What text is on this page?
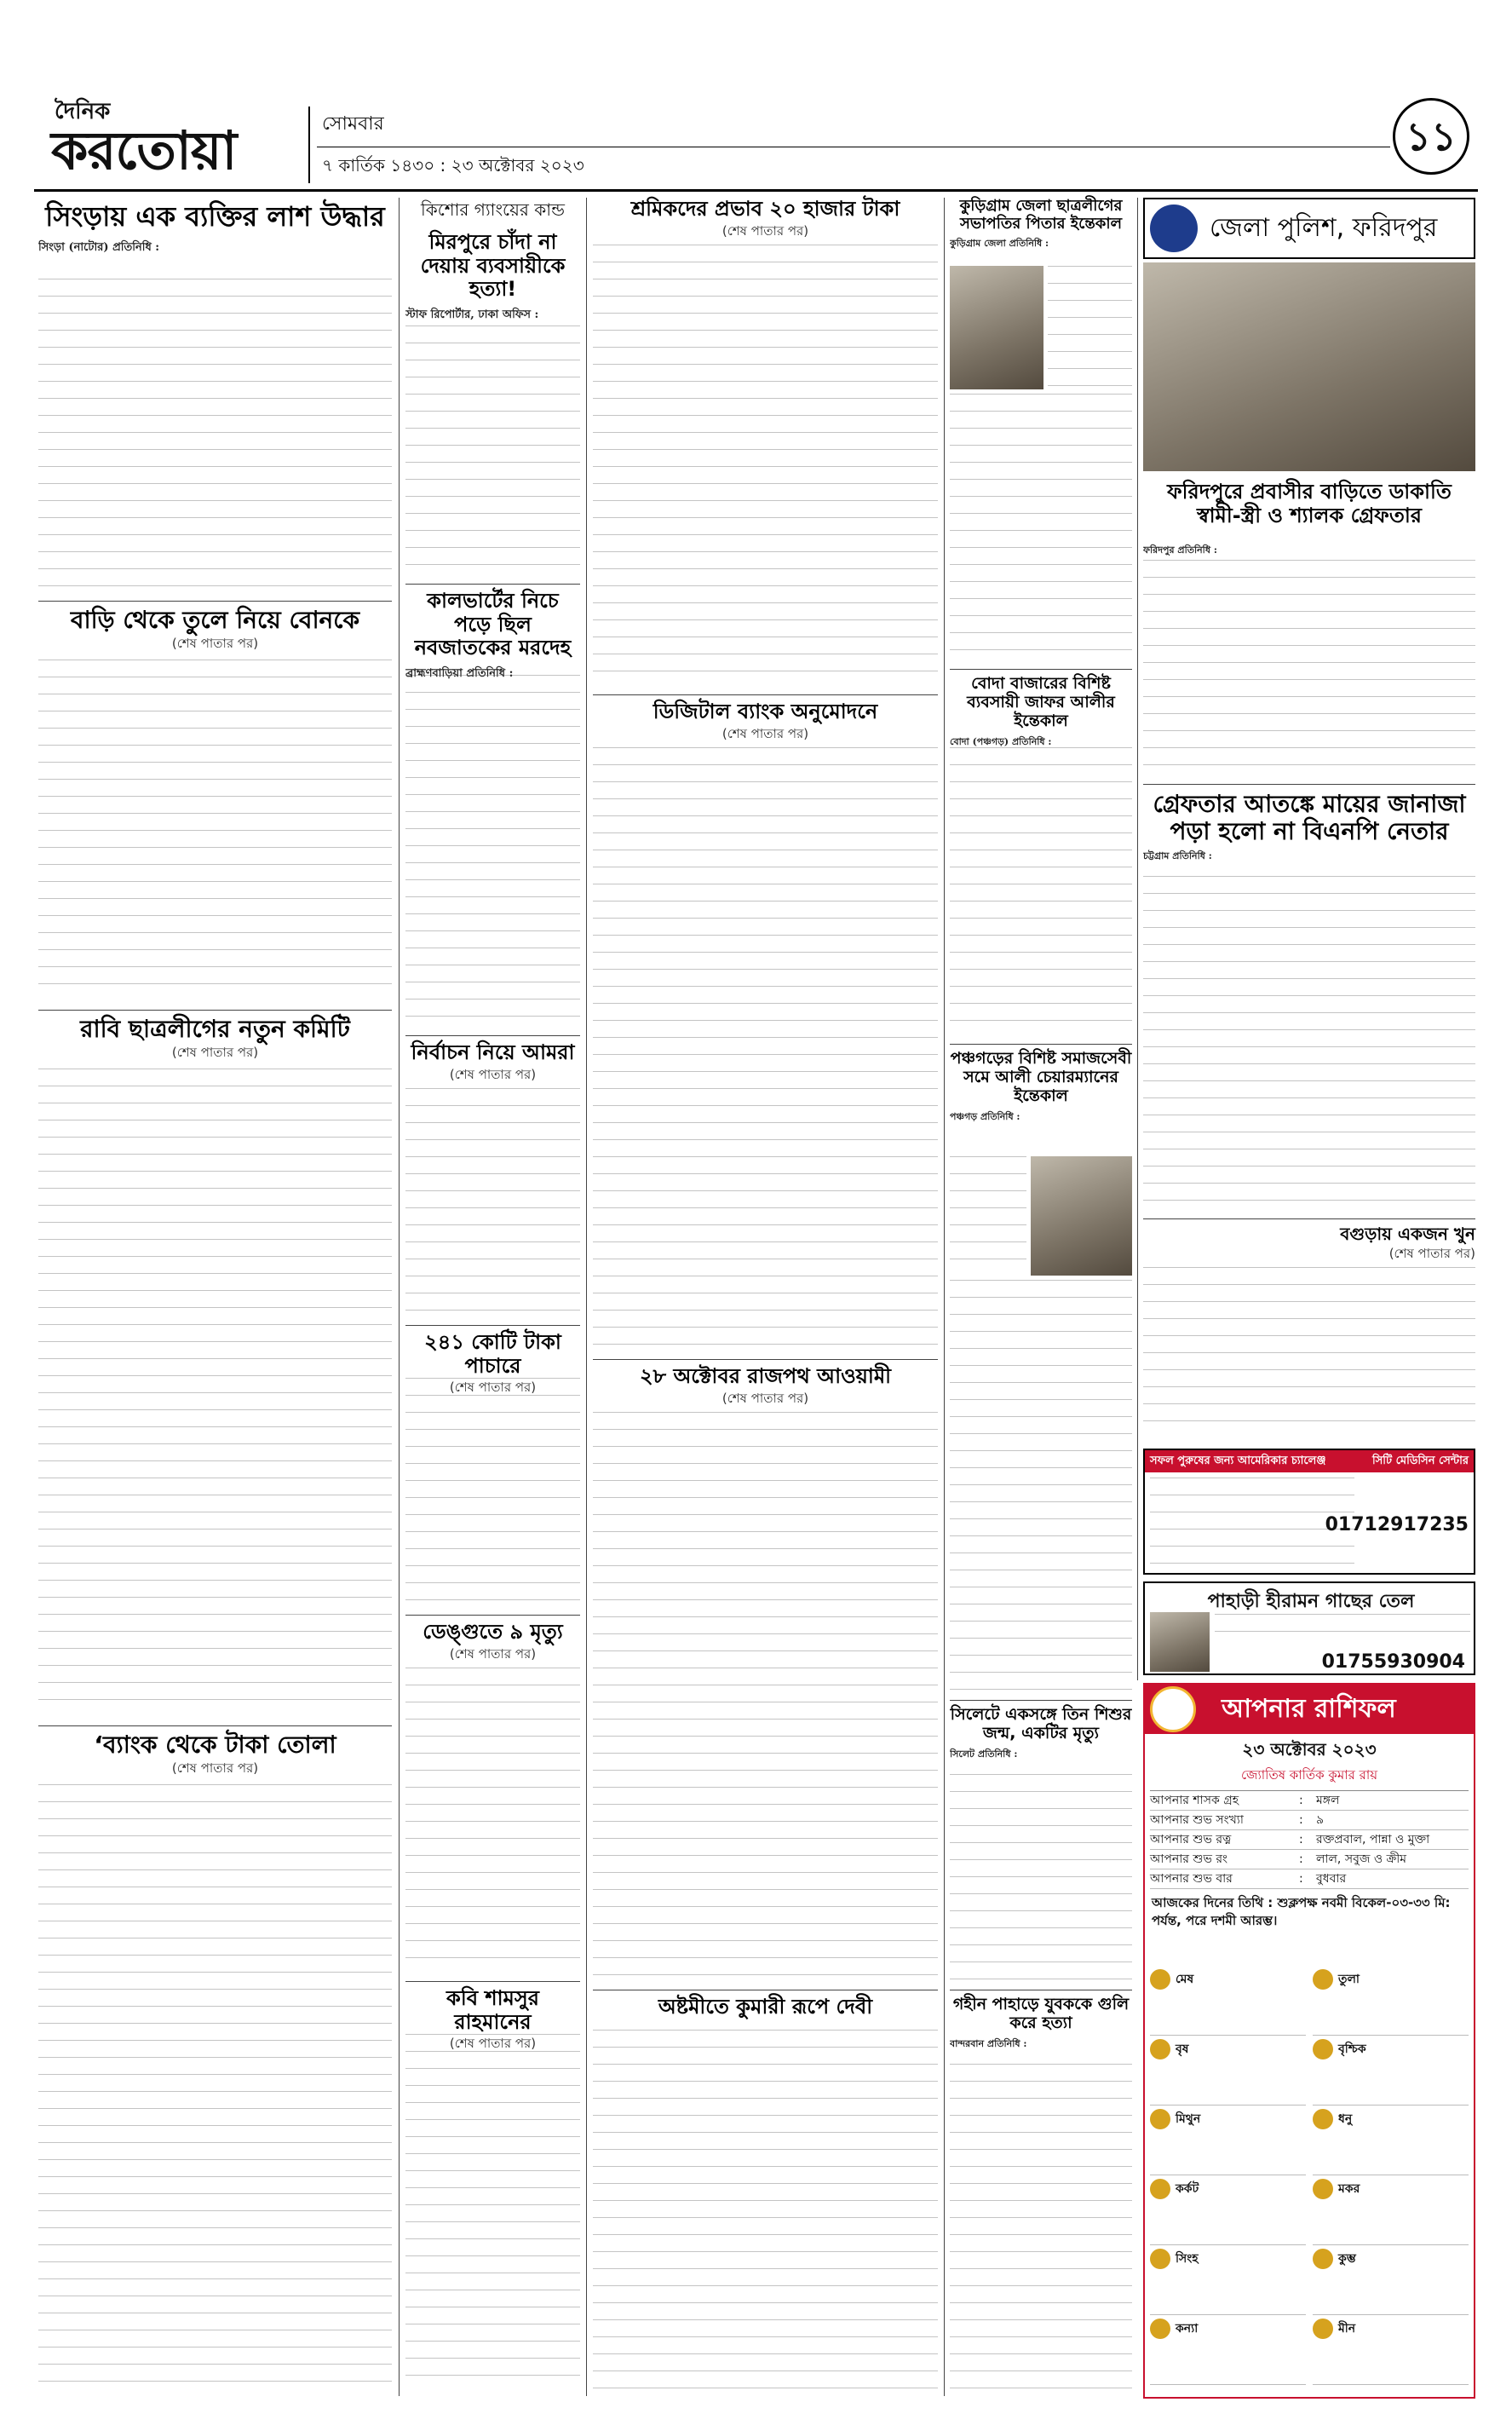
দৈনিক
করতোয়া	সোমবার
৭ কার্তিক ১৪৩০ : ২৩ অক্টোবর ২০২৩
১১
সিংড়ায় এক ব্যক্তির লাশ উদ্ধার
সিংড়া (নাটোর) প্রতিনিধি :
বাড়ি থেকে তুলে নিয়ে বোনকে
(শেষ পাতার পর)
রাবি ছাত্রলীগের নতুন কমিটি
(শেষ পাতার পর)
‘ব্যাংক থেকে টাকা তোলা
(শেষ পাতার পর)
কিশোর গ্যাংয়ের কান্ড
মিরপুরে চাঁদা না দেয়ায় ব্যবসায়ীকে হত্যা!
স্টাফ রিপোর্টার, ঢাকা অফিস :
কালভার্টের নিচে পড়ে ছিল নবজাতকের মরদেহ
ব্রাহ্মণবাড়িয়া প্রতিনিধি :
নির্বাচন নিয়ে আমরা
(শেষ পাতার পর)
২৪১ কোটি টাকা পাচারে
(শেষ পাতার পর)
ডেঙ্গুতে ৯ মৃত্যু
(শেষ পাতার পর)
কবি শামসুর রাহমানের
(শেষ পাতার পর)
শ্রমিকদের প্রভাব ২০ হাজার টাকা
(শেষ পাতার পর)
ডিজিটাল ব্যাংক অনুমোদনে
(শেষ পাতার পর)
২৮ অক্টোবর রাজপথ আওয়ামী
(শেষ পাতার পর)
অষ্টমীতে কুমারী রূপে দেবী
কুড়িগ্রাম জেলা ছাত্রলীগের সভাপতির পিতার ইন্তেকাল
কুড়িগ্রাম জেলা প্রতিনিধি :
বোদা বাজারের বিশিষ্ট ব্যবসায়ী জাফর আলীর ইন্তেকাল
বোদা (পঞ্চগড়) প্রতিনিধি :
পঞ্চগড়ের বিশিষ্ট সমাজসেবী সমে আলী চেয়ারম্যানের ইন্তেকাল
পঞ্চগড় প্রতিনিধি :
সিলেটে একসঙ্গে তিন শিশুর জন্ম, একটির মৃত্যু
সিলেট প্রতিনিধি :
গহীন পাহাড়ে যুবককে গুলি করে হত্যা
বান্দরবান প্রতিনিধি :
জেলা পুলিশ, ফরিদপুর
ফরিদপুরে প্রবাসীর বাড়িতে ডাকাতি স্বামী-স্ত্রী ও শ্যালক গ্রেফতার
ফরিদপুর প্রতিনিধি :
গ্রেফতার আতঙ্কে মায়ের জানাজা পড়া হলো না বিএনপি নেতার
চট্টগ্রাম প্রতিনিধি :
বগুড়ায় একজন খুন
(শেষ পাতার পর)
সফল পুরুষের জন্য আমেরিকার চ্যালেঞ্জ	সিটি মেডিসিন সেন্টার
01712917235
পাহাড়ী হীরামন গাছের তেল
01755930904
আপনার রাশিফল
২৩ অক্টোবর ২০২৩
জ্যোতিষ কার্তিক কুমার রায়
আপনার শাসক গ্রহ	:	মঙ্গল
আপনার শুভ সংখ্যা	:	৯
আপনার শুভ রত্ন	:	রক্তপ্রবাল, পান্না ও মুক্তা
আপনার শুভ রং	:	লাল, সবুজ ও ক্রীম
আপনার শুভ বার	:	বুধবার
আজকের দিনের তিথি : শুক্লপক্ষ নবমী বিকেল-০৩-৩৩ মি: পর্যন্ত, পরে দশমী আরম্ভ।
মেষ	তুলা
বৃষ	বৃশ্চিক
মিথুন	ধনু
কর্কট	মকর
সিংহ	কুম্ভ
কন্যা	মীন
